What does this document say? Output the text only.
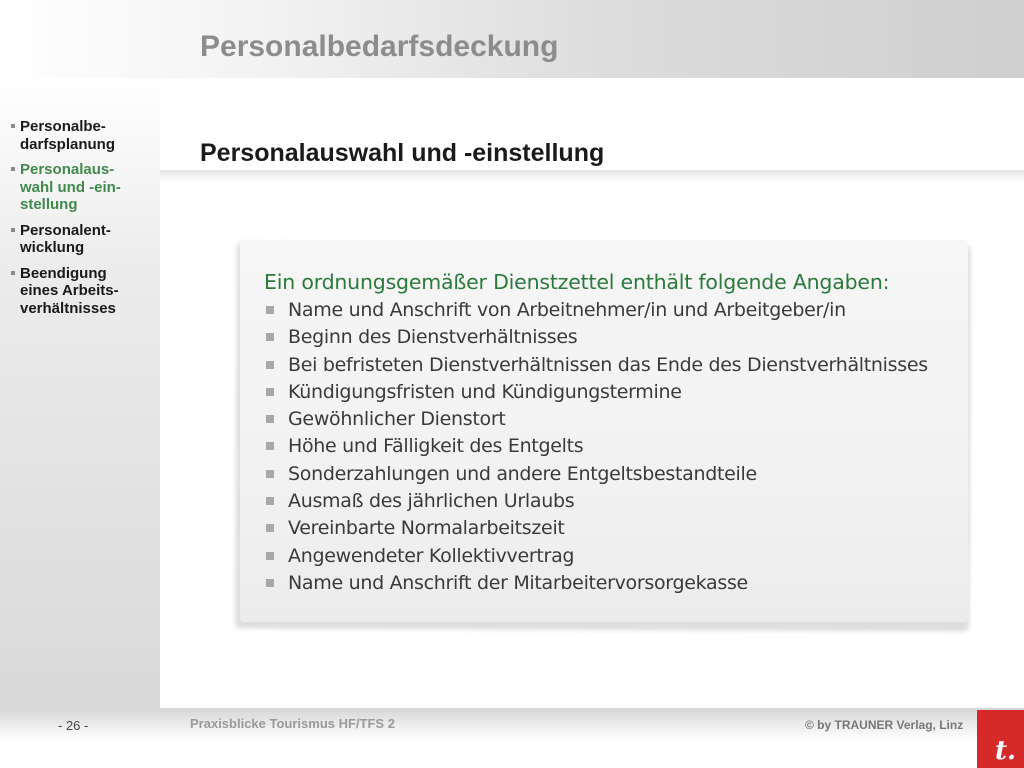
Personalbedarfsdeckung
Personalbe-
darfsplanung
Personalaus-
wahl und -ein-
stellung
Personalent-
wicklung
Beendigung
eines Arbeits-
verhältnisses
Personalauswahl und -einstellung
Ein ordnungsgemäßer Dienstzettel enthält folgende Angaben:
Name und Anschrift von Arbeitnehmer/in und Arbeitgeber/in
Beginn des Dienstverhältnisses
Bei befristeten Dienstverhältnissen das Ende des Dienstverhältnisses
Kündigungsfristen und Kündigungstermine
Gewöhnlicher Dienstort
Höhe und Fälligkeit des Entgelts
Sonderzahlungen und andere Entgeltsbestandteile
Ausmaß des jährlichen Urlaubs
Vereinbarte Normalarbeitszeit
Angewendeter Kollektivvertrag
Name und Anschrift der Mitarbeitervorsorgekasse
- 26 -	Praxisblicke Tourismus HF/TFS 2	© by TRAUNER Verlag, Linz
t.
